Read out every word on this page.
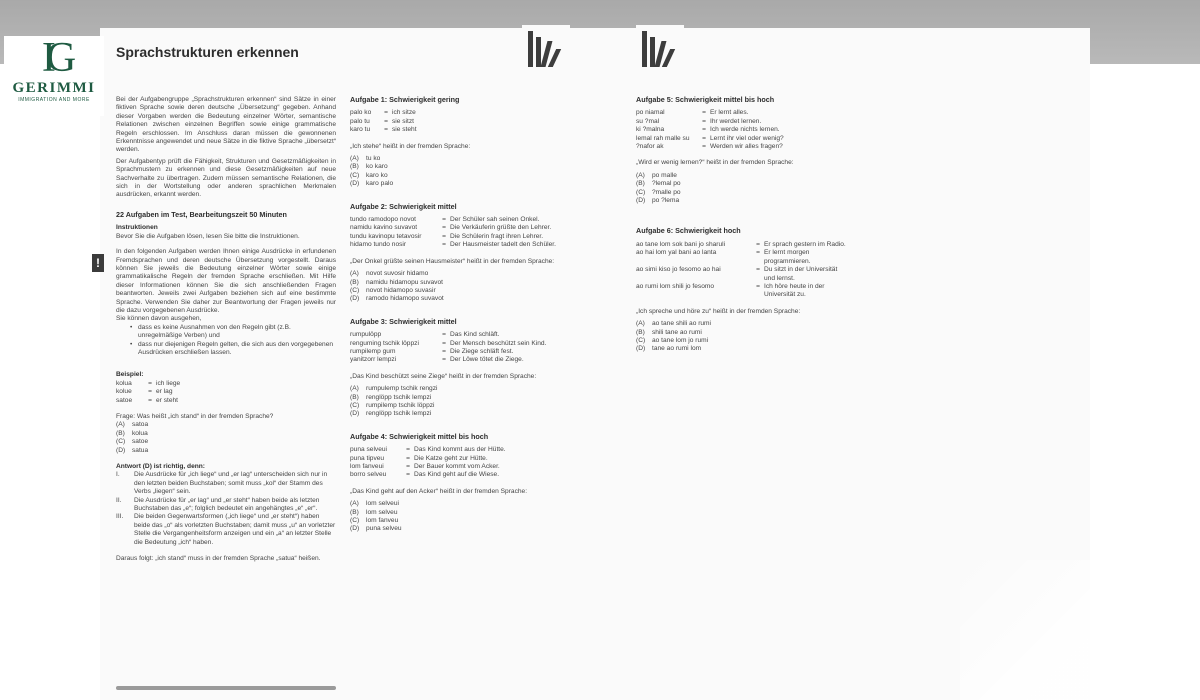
IG
GERIMMI
IMMIGRATION AND MORE
Sprachstrukturen erkennen
!

Bei der Aufgabengruppe „Sprachstrukturen erkennen“ sind Sätze in einer fiktiven Sprache sowie deren deutsche „Übersetzung“ gegeben. Anhand dieser Vorgaben werden die Bedeutung einzelner Wörter, semantische Relationen zwischen einzelnen Begriffen sowie einige grammatische Regeln erschlossen. Im Anschluss daran müssen die gewonnenen Erkenntnisse angewendet und neue Sätze in die fiktive Sprache „übersetzt“ werden.

Der Aufgabentyp prüft die Fähigkeit, Strukturen und Gesetzmäßigkeiten in Sprachmustern zu erkennen und diese Gesetzmäßigkeiten auf neue Sachverhalte zu übertragen. Zudem müssen semantische Relationen, die sich in der Wortstellung oder anderen sprachlichen Merkmalen ausdrücken, erkannt werden.

22 Aufgaben im Test, Bearbeitungszeit 50 Minuten
Instruktionen

Bevor Sie die Aufgaben lösen, lesen Sie bitte die Instruktionen.

In den folgenden Aufgaben werden Ihnen einige Ausdrücke in erfundenen Fremdsprachen und deren deutsche Übersetzung vorgestellt. Daraus können Sie jeweils die Bedeutung einzelner Wörter sowie einige grammatikalische Regeln der fremden Sprache erschließen. Mit Hilfe dieser Informationen können Sie die sich anschließenden Fragen beantworten. Jeweils zwei Aufgaben beziehen sich auf eine bestimmte Sprache. Verwenden Sie daher zur Beantwortung der Fragen jeweils nur die dazu vorgegebenen Ausdrücke.

Sie können davon ausgehen,
• dass es keine Ausnahmen von den Regeln gibt (z.B. unregelmäßige Verben) und
• dass nur diejenigen Regeln gelten, die sich aus den vorgegebenen Ausdrücken erschließen lassen.
Beispiel:
kolua	= ich liege
kolue	= er lag
satoe	= er steht
Frage: Was heißt „ich stand“ in der fremden Sprache?
(A)	satoa
(B)	kolua
(C)	satoe
(D)	satua
Antwort (D) ist richtig, denn:
I.	Die Ausdrücke für „ich liege“ und „er lag“ unterscheiden sich nur in den letzten beiden Buchstaben; somit muss „kol“ der Stamm des Verbs „liegen“ sein.
II.	Die Ausdrücke für „er lag“ und „er steht“ haben beide als letzten Buchstaben das „e“; folglich bedeutet ein angehängtes „e“ „er“.
III.	Die beiden Gegenwartsformen („ich liege“ und „er steht“) haben beide das „o“ als vorletzten Buchstaben; damit muss „u“ an vorletzter Stelle die Vergangenheitsform anzeigen und ein „a“ an letzter Stelle die Bedeutung „ich“ haben.

Daraus folgt: „ich stand“ muss in der fremden Sprache „satua“ heißen.

Aufgabe 1: Schwierigkeit gering
palo ko	= ich sitze
palo tu	= sie sitzt
karo tu	= sie steht
„Ich stehe“ heißt in der fremden Sprache:
(A)	tu ko
(B)	ko karo
(C)	karo ko
(D)	karo palo
Aufgabe 2: Schwierigkeit mittel
tundo ramodopo novot	= Der Schüler sah seinen Onkel.
namidu kavino suvavot	= Die Verkäuferin grüßte den Lehrer.
tundu kavinopu tetavosir	= Die Schülerin fragt ihren Lehrer.
hidamo tundo nosir	= Der Hausmeister tadelt den Schüler.
„Der Onkel grüßte seinen Hausmeister“ heißt in der fremden Sprache:
(A)	novot suvosir hidamo
(B)	namidu hidamopu suvavot
(C)	novot hidamopo suvasir
(D)	ramodo hidamopo suvavot
Aufgabe 3: Schwierigkeit mittel
rumpulöpp	= Das Kind schläft.
renguming tschik löppzi	= Der Mensch beschützt sein Kind.
rumpilemp gum	= Die Ziege schläft fest.
yanitzorr lempzi	= Der Löwe tötet die Ziege.
„Das Kind beschützt seine Ziege“ heißt in der fremden Sprache:
(A)	rumpulemp tschik rengzi
(B)	renglöpp tschik lempzi
(C)	rumpilemp tschik löppzi
(D)	renglöpp tschik lempzi
Aufgabe 4: Schwierigkeit mittel bis hoch
puna selveui	= Das Kind kommt aus der Hütte.
puna tipveu	= Die Katze geht zur Hütte.
lom fanveui	= Der Bauer kommt vom Acker.
borro selveu	= Das Kind geht auf die Wiese.
„Das Kind geht auf den Acker“ heißt in der fremden Sprache:
(A)	lom selveui
(B)	lom selveu
(C)	lom fanveu
(D)	puna selveu
Aufgabe 5: Schwierigkeit mittel bis hoch
po niamal	= Er lernt alles.
su ?mal	= Ihr werdet lernen.
ki ?malna	= Ich werde nichts lernen.
lemal rah malle su	= Lernt ihr viel oder wenig?
?nafor ak	= Werden wir alles fragen?
„Wird er wenig lernen?“ heißt in der fremden Sprache:
(A)	po malle
(B)	?lemal po
(C)	?malle po
(D)	po ?lema
Aufgabe 6: Schwierigkeit hoch
ao tane lom sok bani jo sharuli	= Er sprach gestern im Radio.
ao hai lom yal bani ao lanta	= Er lernt morgen programmieren.
ao simi kiso jo fesomo ao hai	= Du sitzt in der Universität und lernst.
ao rumi lom shili jo fesomo	= Ich höre heute in der Universität zu.
„Ich spreche und höre zu“ heißt in der fremden Sprache:
(A)	ao tane shili ao rumi
(B)	shili tane ao rumi
(C)	ao tane lom jo rumi
(D)	tane ao rumi lom
